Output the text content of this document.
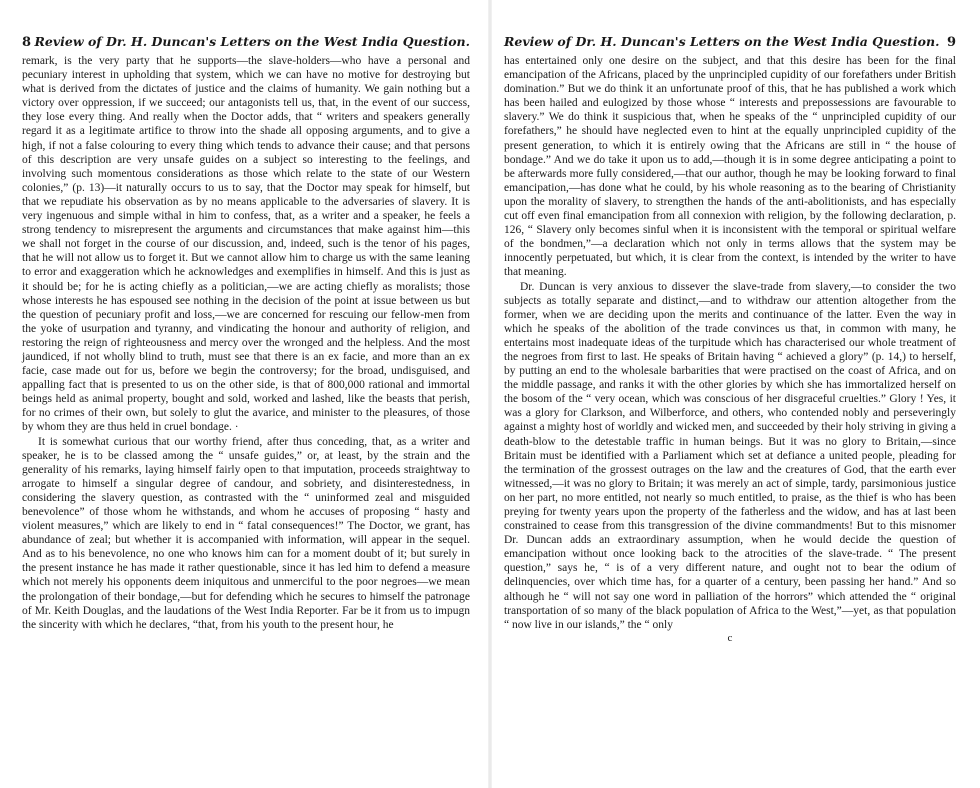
8 Review of Dr. H. Duncan's Letters on the West India Question.

remark, is the very party that he supports—the slave-holders—who have a personal and pecuniary interest in upholding that system, which we can have no motive for destroying but what is derived from the dictates of justice and the claims of humanity. We gain nothing but a victory over oppression, if we succeed; our antagonists tell us, that, in the event of our success, they lose every thing. And really when the Doctor adds, that “ writers and speakers generally regard it as a legitimate artifice to throw into the shade all opposing arguments, and to give a high, if not a false colouring to every thing which tends to advance their cause; and that persons of this description are very unsafe guides on a subject so interesting to the feelings, and involving such momentous considerations as those which relate to the state of our Western colonies,” (p. 13)—it naturally occurs to us to say, that the Doctor may speak for himself, but that we repudiate his observation as by no means applicable to the adversaries of slavery. It is very ingenuous and simple withal in him to confess, that, as a writer and a speaker, he feels a strong tendency to misrepresent the arguments and circumstances that make against him—this we shall not forget in the course of our discussion, and, indeed, such is the tenor of his pages, that he will not allow us to forget it. But we cannot allow him to charge us with the same leaning to error and exaggeration which he acknowledges and exemplifies in himself. And this is just as it should be; for he is acting chiefly as a politician,—we are acting chiefly as moralists; those whose interests he has espoused see nothing in the decision of the point at issue between us but the question of pecuniary profit and loss,—we are concerned for rescuing our fellow-men from the yoke of usurpation and tyranny, and vindicating the honour and authority of religion, and restoring the reign of righteousness and mercy over the wronged and the helpless. And the most jaundiced, if not wholly blind to truth, must see that there is an ex facie, and more than an ex facie, case made out for us, before we begin the controversy; for the broad, undisguised, and appalling fact that is presented to us on the other side, is that of 800,000 rational and immortal beings held as animal property, bought and sold, worked and lashed, like the beasts that perish, for no crimes of their own, but solely to glut the avarice, and minister to the pleasures, of those by whom they are thus held in cruel bondage. ·

It is somewhat curious that our worthy friend, after thus conceding, that, as a writer and speaker, he is to be classed among the “ unsafe guides,” or, at least, by the strain and the generality of his remarks, laying himself fairly open to that imputation, proceeds straightway to arrogate to himself a singular degree of candour, and sobriety, and disinterestedness, in considering the slavery question, as contrasted with the “ uninformed zeal and misguided benevolence” of those whom he withstands, and whom he accuses of proposing “ hasty and violent measures,” which are likely to end in “ fatal consequences!” The Doctor, we grant, has abundance of zeal; but whether it is accompanied with information, will appear in the sequel. And as to his benevolence, no one who knows him can for a moment doubt of it; but surely in the present instance he has made it rather questionable, since it has led him to defend a measure which not merely his opponents deem iniquitous and unmerciful to the poor negroes—we mean the prolongation of their bondage,—but for defending which he secures to himself the patronage of Mr. Keith Douglas, and the laudations of the West India Reporter. Far be it from us to impugn the sincerity with which he declares, “that, from his youth to the present hour, he

Review of Dr. H. Duncan's Letters on the West India Question. 9

has entertained only one desire on the subject, and that this desire has been for the final emancipation of the Africans, placed by the unprincipled cupidity of our forefathers under British domination.” But we do think it an unfortunate proof of this, that he has published a work which has been hailed and eulogized by those whose “ interests and prepossessions are favourable to slavery.” We do think it suspicious that, when he speaks of the “ unprincipled cupidity of our forefathers,” he should have neglected even to hint at the equally unprincipled cupidity of the present generation, to which it is entirely owing that the Africans are still in “ the house of bondage.” And we do take it upon us to add,—though it is in some degree anticipating a point to be afterwards more fully considered,—that our author, though he may be looking forward to final emancipation,—has done what he could, by his whole reasoning as to the bearing of Christianity upon the morality of slavery, to strengthen the hands of the anti-abolitionists, and has especially cut off even final emancipation from all connexion with religion, by the following declaration, p. 126, “ Slavery only becomes sinful when it is inconsistent with the temporal or spiritual welfare of the bondmen,”—a declaration which not only in terms allows that the system may be innocently perpetuated, but which, it is clear from the context, is intended by the writer to have that meaning.

Dr. Duncan is very anxious to dissever the slave-trade from slavery,—to consider the two subjects as totally separate and distinct,—and to withdraw our attention altogether from the former, when we are deciding upon the merits and continuance of the latter. Even the way in which he speaks of the abolition of the trade convinces us that, in common with many, he entertains most inadequate ideas of the turpitude which has characterised our whole treatment of the negroes from first to last. He speaks of Britain having “ achieved a glory” (p. 14,) to herself, by putting an end to the wholesale barbarities that were practised on the coast of Africa, and on the middle passage, and ranks it with the other glories by which she has immortalized herself on the bosom of the “ very ocean, which was conscious of her disgraceful cruelties.” Glory ! Yes, it was a glory for Clarkson, and Wilberforce, and others, who contended nobly and perseveringly against a mighty host of worldly and wicked men, and succeeded by their holy striving in giving a death-blow to the detestable traffic in human beings. But it was no glory to Britain,—since Britain must be identified with a Parliament which set at defiance a united people, pleading for the termination of the grossest outrages on the law and the creatures of God, that the earth ever witnessed,—it was no glory to Britain; it was merely an act of simple, tardy, parsimonious justice on her part, no more entitled, not nearly so much entitled, to praise, as the thief is who has been preying for twenty years upon the property of the fatherless and the widow, and has at last been constrained to cease from this transgression of the divine commandments! But to this misnomer Dr. Duncan adds an extraordinary assumption, when he would decide the question of emancipation without once looking back to the atrocities of the slave-trade. “ The present question,” says he, “ is of a very different nature, and ought not to bear the odium of delinquencies, over which time has, for a quarter of a century, been passing her hand.” And so although he “ will not say one word in palliation of the horrors” which attended the “ original transportation of so many of the black population of Africa to the West,”—yet, as that population “ now live in our islands,” the “ only

c
